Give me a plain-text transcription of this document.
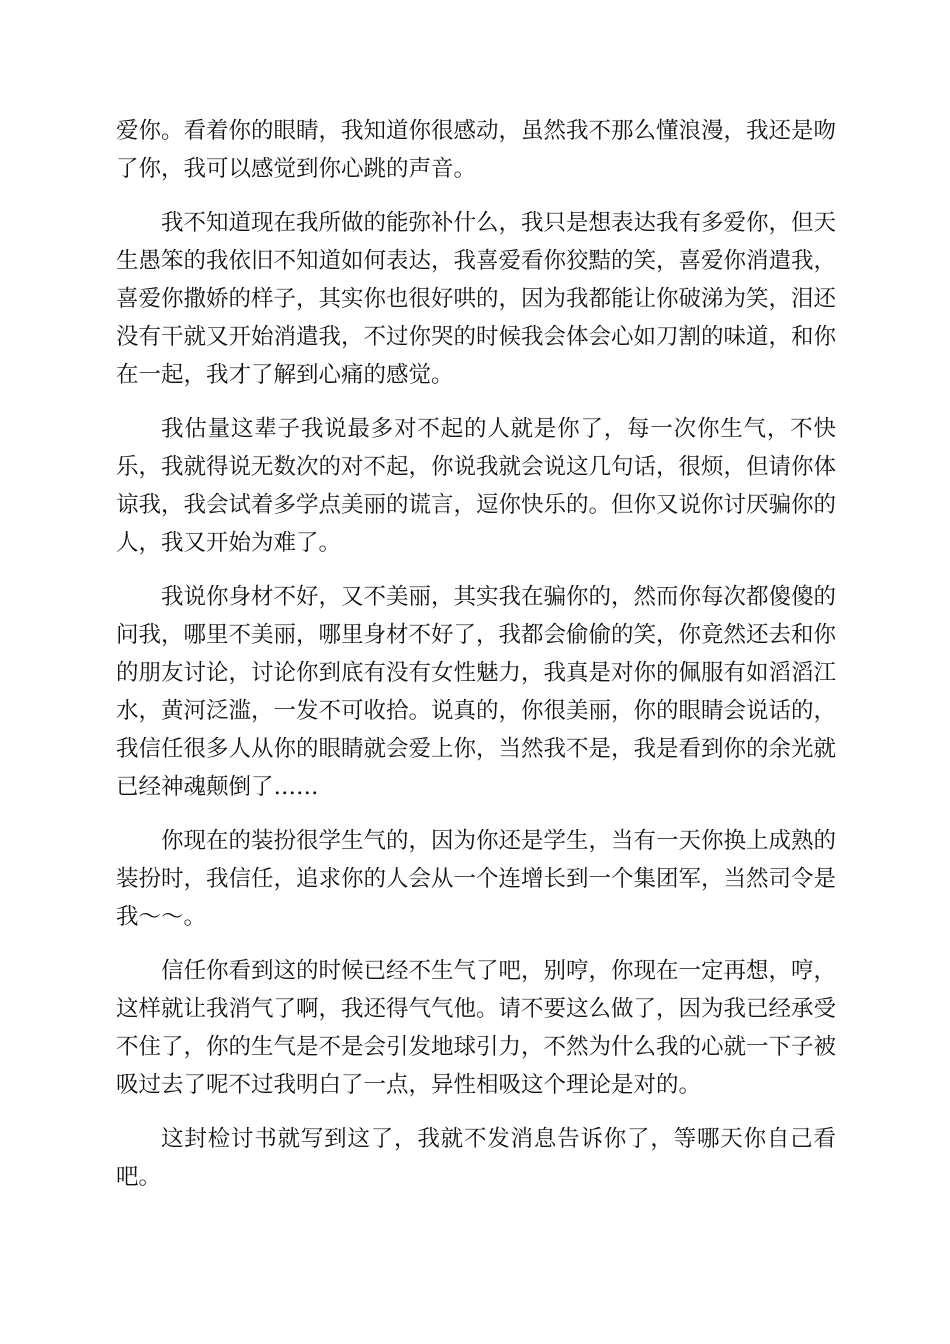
爱你。看着你的眼睛，我知道你很感动，虽然我不那么懂浪漫，我还是吻了你，我可以感觉到你心跳的声音。

我不知道现在我所做的能弥补什么，我只是想表达我有多爱你，但天生愚笨的我依旧不知道如何表达，我喜爱看你狡黠的笑，喜爱你消遣我，喜爱你撒娇的样子，其实你也很好哄的，因为我都能让你破涕为笑，泪还没有干就又开始消遣我，不过你哭的时候我会体会心如刀割的味道，和你在一起，我才了解到心痛的感觉。

我估量这辈子我说最多对不起的人就是你了，每一次你生气，不快乐，我就得说无数次的对不起，你说我就会说这几句话，很烦，但请你体谅我，我会试着多学点美丽的谎言，逗你快乐的。但你又说你讨厌骗你的人，我又开始为难了。

我说你身材不好，又不美丽，其实我在骗你的，然而你每次都傻傻的问我，哪里不美丽，哪里身材不好了，我都会偷偷的笑，你竟然还去和你的朋友讨论，讨论你到底有没有女性魅力，我真是对你的佩服有如滔滔江水，黄河泛滥，一发不可收拾。说真的，你很美丽，你的眼睛会说话的，我信任很多人从你的眼睛就会爱上你，当然我不是，我是看到你的余光就已经神魂颠倒了……

你现在的装扮很学生气的，因为你还是学生，当有一天你换上成熟的装扮时，我信任，追求你的人会从一个连增长到一个集团军，当然司令是我～～。

信任你看到这的时候已经不生气了吧，别哼，你现在一定再想，哼，这样就让我消气了啊，我还得气气他。请不要这么做了，因为我已经承受不住了，你的生气是不是会引发地球引力，不然为什么我的心就一下子被吸过去了呢不过我明白了一点，异性相吸这个理论是对的。

这封检讨书就写到这了，我就不发消息告诉你了，等哪天你自己看吧。
